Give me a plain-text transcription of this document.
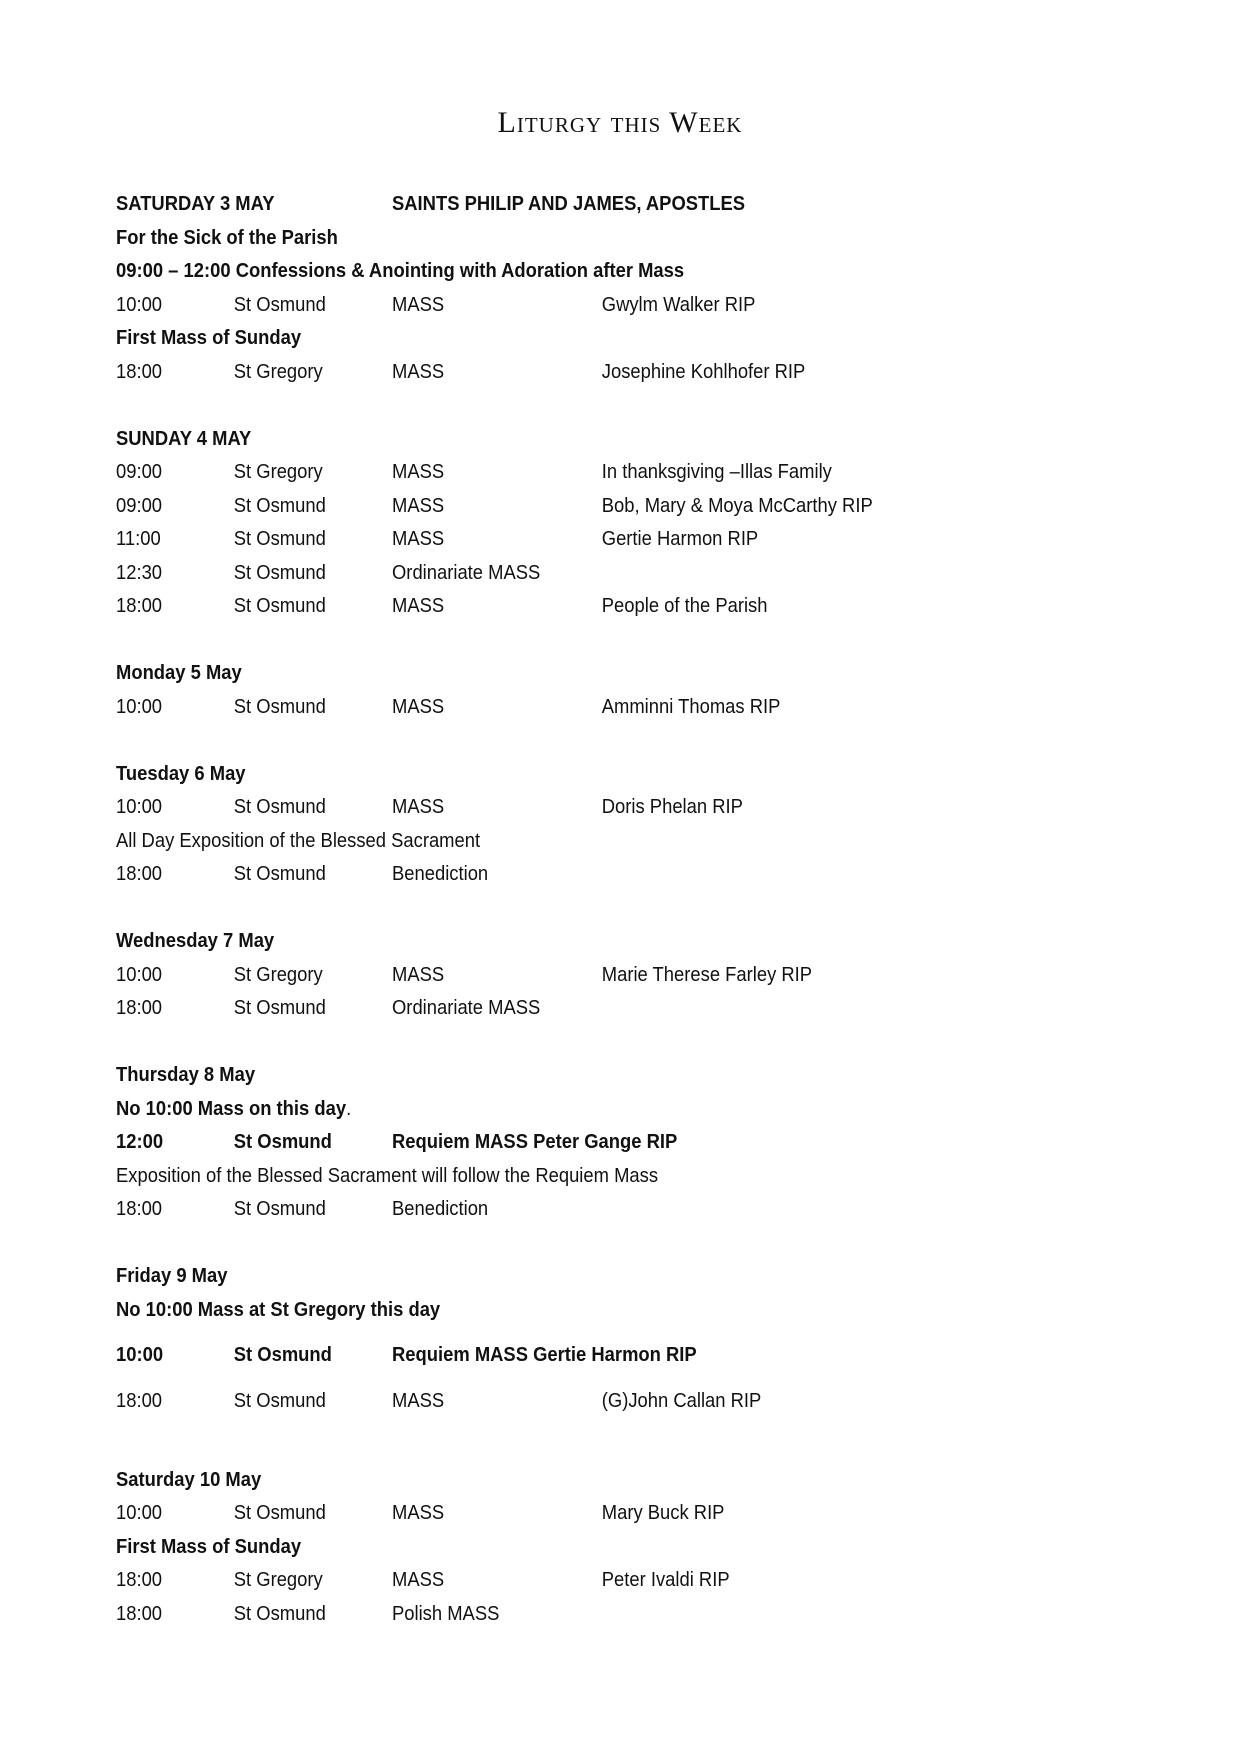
Liturgy this Week
SATURDAY 3 MAY	SAINTS PHILIP AND JAMES, APOSTLES
For the Sick of the Parish
09:00 – 12:00 Confessions & Anointing with Adoration after Mass
10:00	St Osmund	MASS	Gwylm Walker RIP
First Mass of Sunday
18:00	St Gregory	MASS	Josephine Kohlhofer RIP
SUNDAY 4 MAY
09:00	St Gregory	MASS	In thanksgiving –Illas Family
09:00	St Osmund	MASS	Bob, Mary & Moya McCarthy RIP
11:00	St Osmund	MASS	Gertie Harmon RIP
12:30	St Osmund	Ordinariate MASS
18:00	St Osmund	MASS	People of the Parish
Monday 5 May
10:00	St Osmund	MASS	Amminni Thomas RIP
Tuesday 6 May
10:00	St Osmund	MASS	Doris Phelan RIP
All Day Exposition of the Blessed Sacrament
18:00	St Osmund	Benediction
Wednesday 7 May
10:00	St Gregory	MASS	Marie Therese Farley RIP
18:00	St Osmund	Ordinariate MASS
Thursday 8 May
No 10:00 Mass on this day.
12:00	St Osmund	Requiem MASS Peter Gange RIP
Exposition of the Blessed Sacrament will follow the Requiem Mass
18:00	St Osmund	Benediction
Friday 9 May
No 10:00 Mass at St Gregory this day
10:00	St Osmund	Requiem MASS Gertie Harmon RIP
18:00	St Osmund	MASS	(G)John Callan RIP
Saturday 10 May
10:00	St Osmund	MASS	Mary Buck RIP
First Mass of Sunday
18:00	St Gregory	MASS	Peter Ivaldi RIP
18:00	St Osmund	Polish MASS
